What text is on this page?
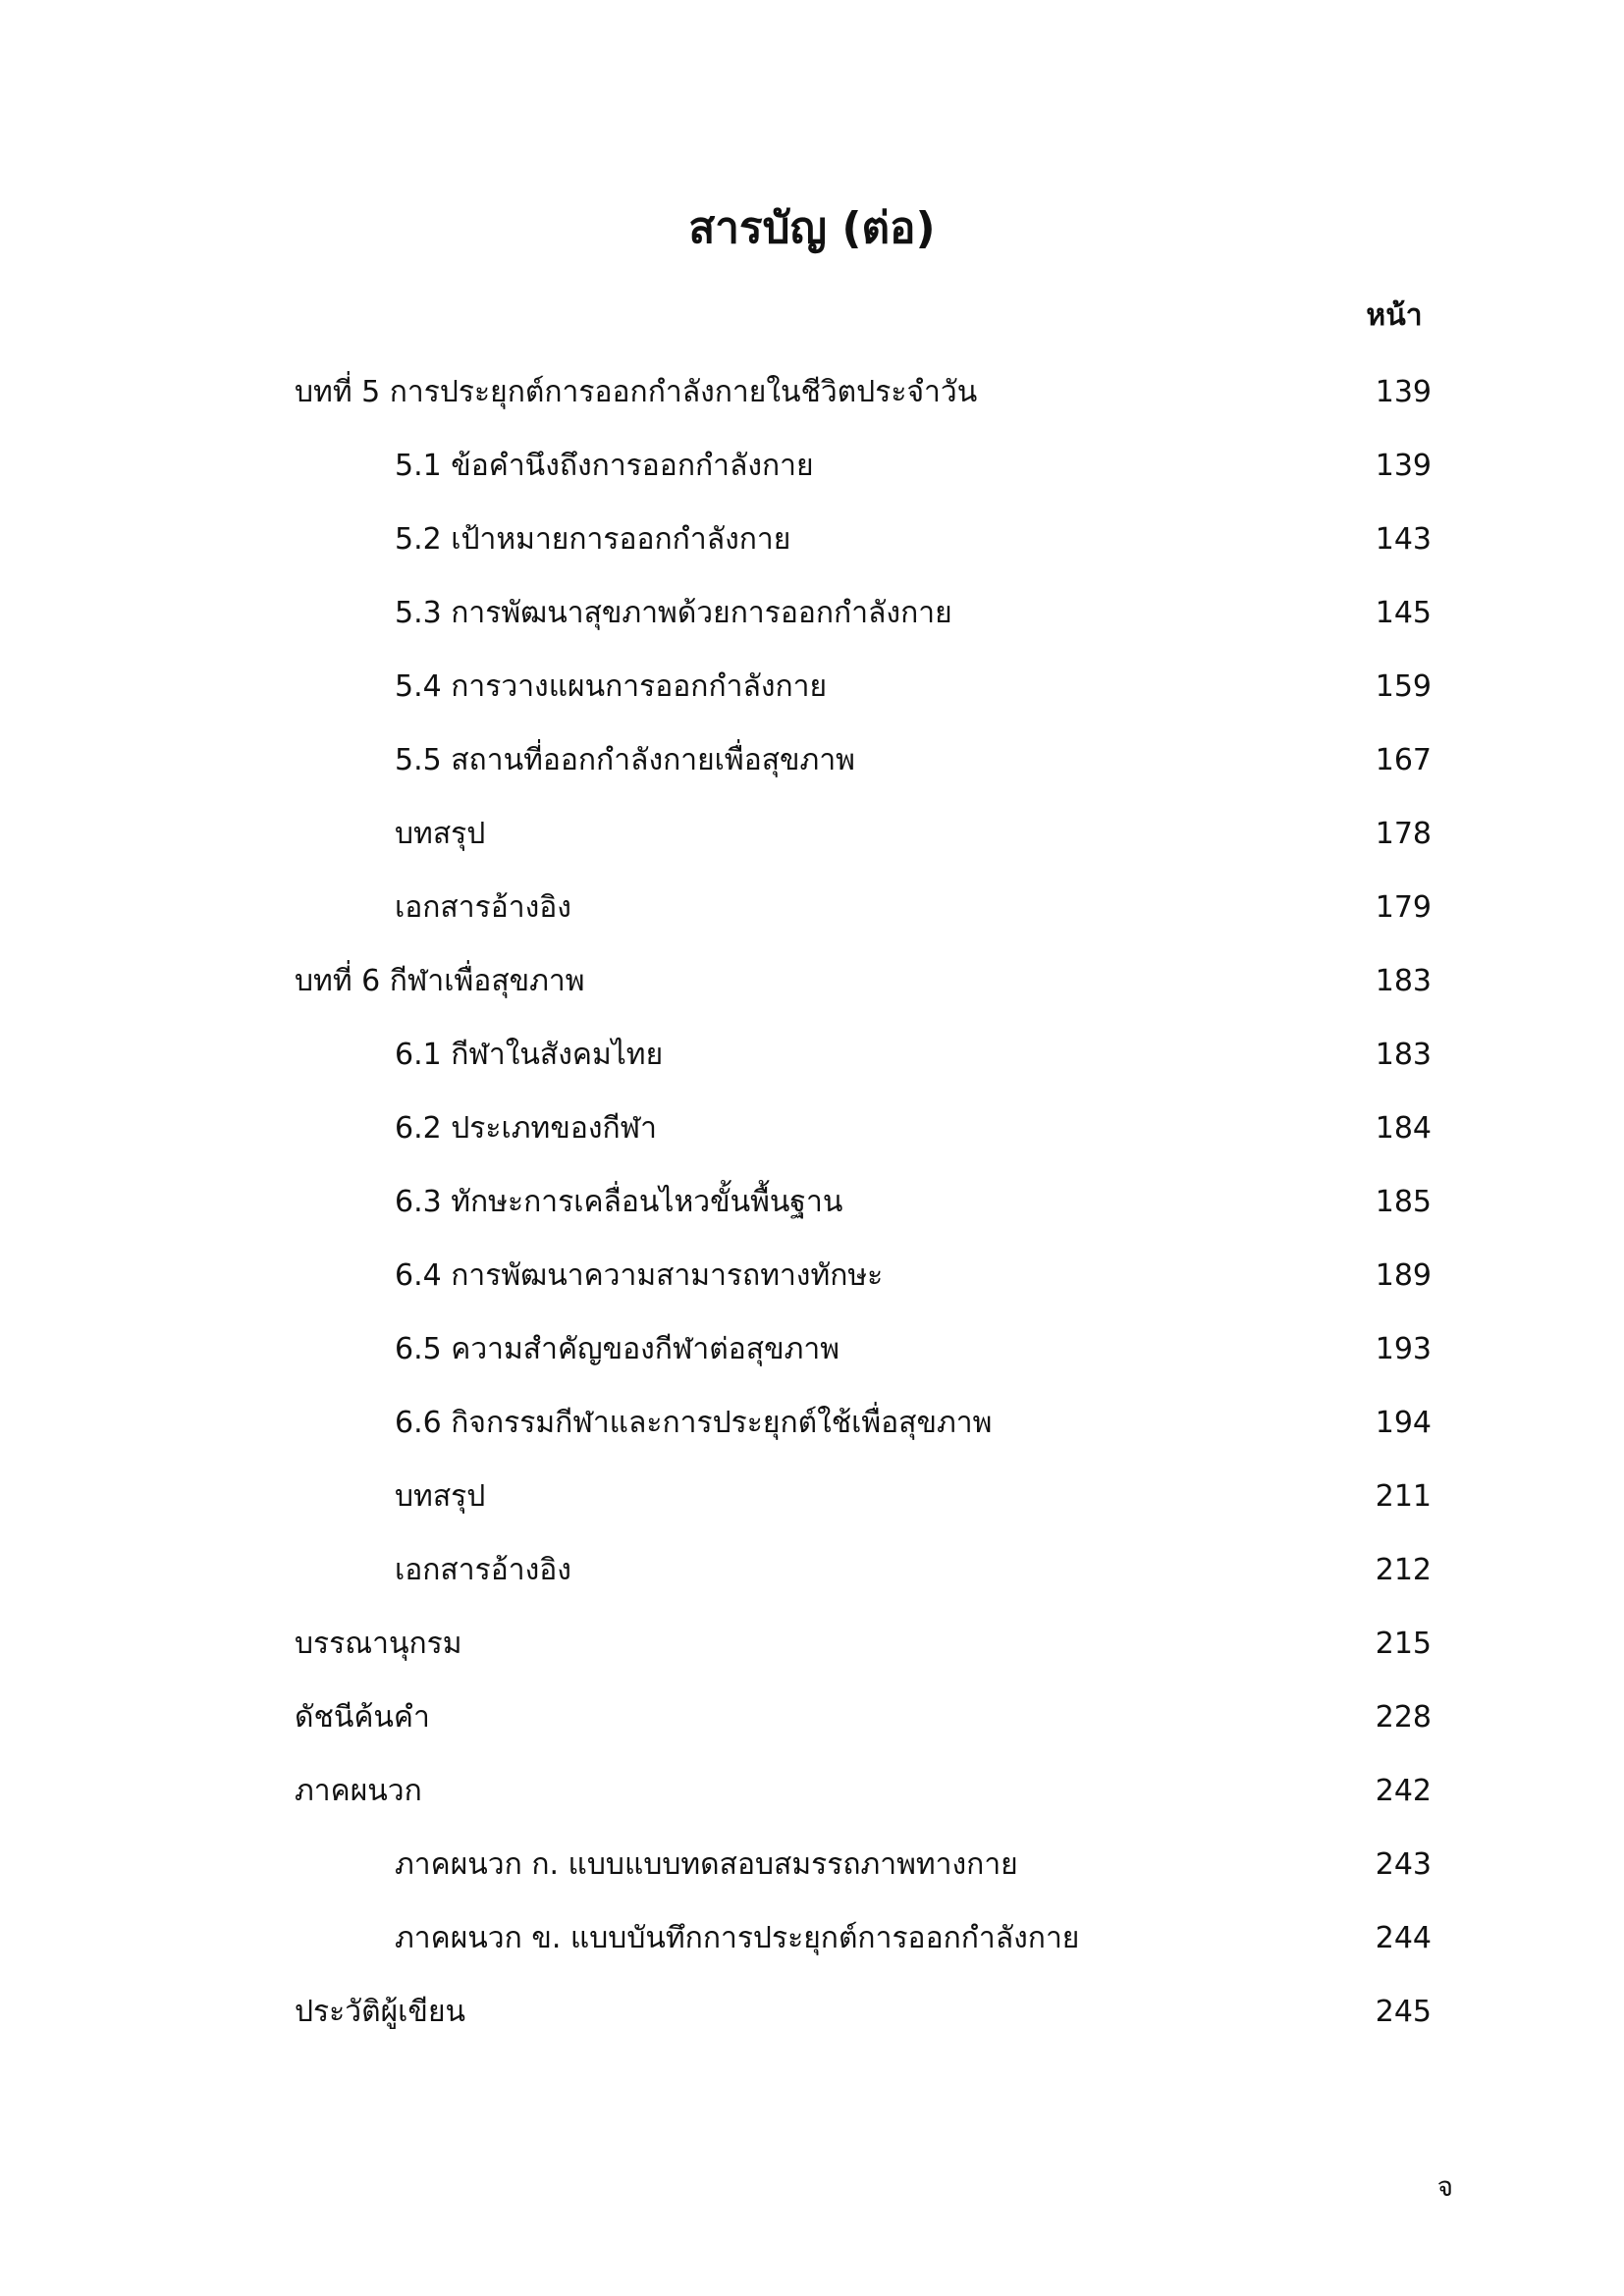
สารบัญ (ต่อ)
หน้า
บทที่ 5 การประยุกต์การออกกำลังกายในชีวิตประจำวัน	139
5.1 ข้อคำนึงถึงการออกกำลังกาย	139
5.2 เป้าหมายการออกกำลังกาย	143
5.3 การพัฒนาสุขภาพด้วยการออกกำลังกาย	145
5.4 การวางแผนการออกกำลังกาย	159
5.5 สถานที่ออกกำลังกายเพื่อสุขภาพ	167
บทสรุป	178
เอกสารอ้างอิง	179
บทที่ 6 กีฬาเพื่อสุขภาพ	183
6.1 กีฬาในสังคมไทย	183
6.2 ประเภทของกีฬา	184
6.3 ทักษะการเคลื่อนไหวขั้นพื้นฐาน	185
6.4 การพัฒนาความสามารถทางทักษะ	189
6.5 ความสำคัญของกีฬาต่อสุขภาพ	193
6.6 กิจกรรมกีฬาและการประยุกต์ใช้เพื่อสุขภาพ	194
บทสรุป	211
เอกสารอ้างอิง	212
บรรณานุกรม	215
ดัชนีค้นคำ	228
ภาคผนวก	242
ภาคผนวก ก. แบบแบบทดสอบสมรรถภาพทางกาย	243
ภาคผนวก ข. แบบบันทึกการประยุกต์การออกกำลังกาย	244
ประวัติผู้เขียน	245
จ
